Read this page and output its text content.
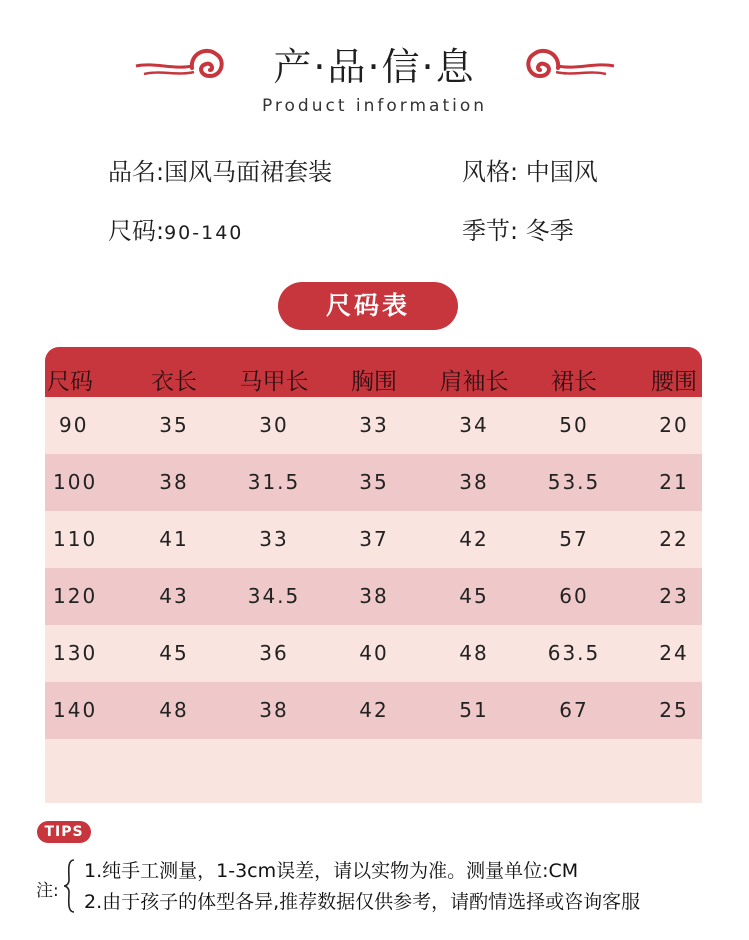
产·品·信·息
Product information
品名:国风马面裙套装	风格: 中国风
尺码:90-140	季节: 冬季
尺码表
尺码	衣长	马甲长	胸围	肩袖长	裙长	腰围
90	35	30	33	34	50	20
100	38	31.5	35	38	53.5	21
110	41	33	37	42	57	22
120	43	34.5	38	45	60	23
130	45	36	40	48	63.5	24
140	48	38	42	51	67	25
TIPS
注:
1.纯手工测量，1-3cm误差，请以实物为准。测量单位:CM
2.由于孩子的体型各异,推荐数据仅供参考，请酌情选择或咨询客服
